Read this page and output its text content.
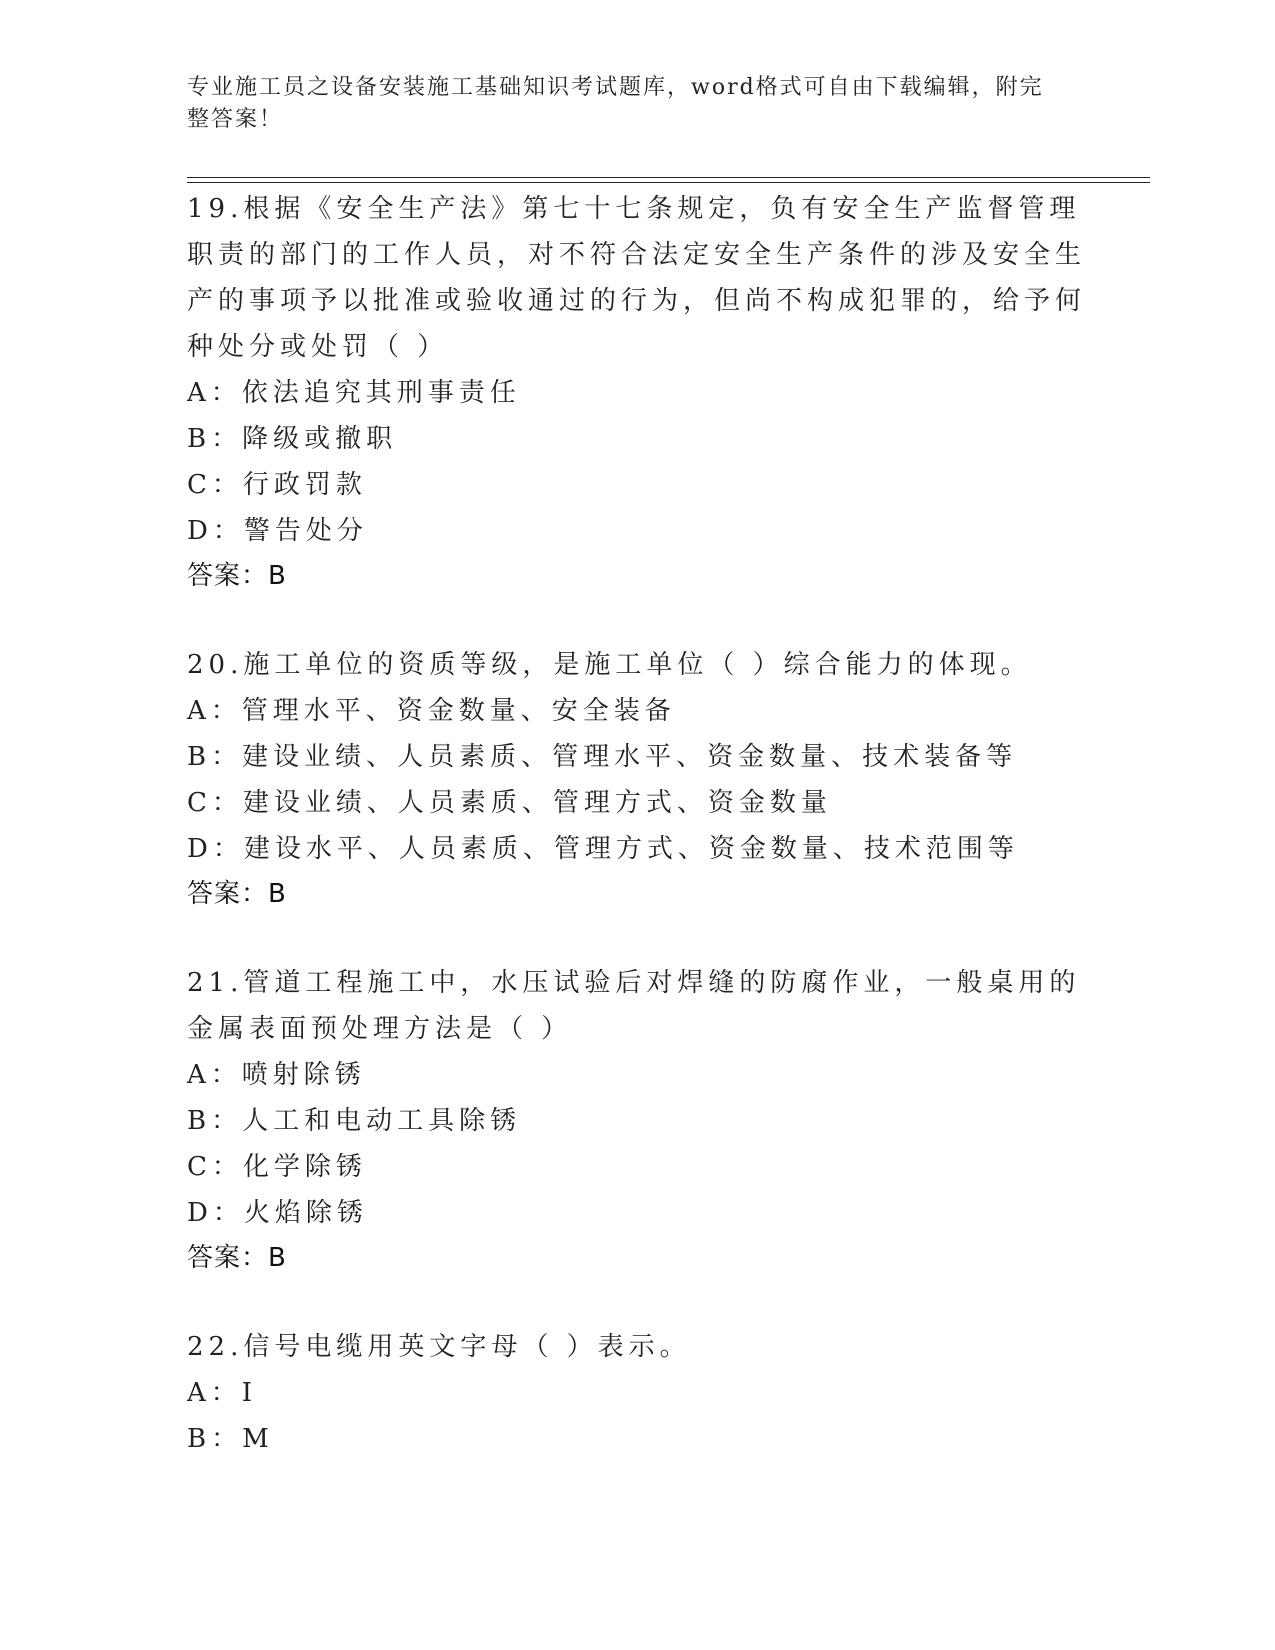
专业施工员之设备安装施工基础知识考试题库，word格式可自由下载编辑，附完整答案！
19.根据《安全生产法》第七十七条规定，负有安全生产监督管理职责的部门的工作人员，对不符合法定安全生产条件的涉及安全生产的事项予以批准或验收通过的行为，但尚不构成犯罪的，给予何种处分或处罚（ ）
A：依法追究其刑事责任
B：降级或撤职
C：行政罚款
D：警告处分
答案：B
20.施工单位的资质等级，是施工单位（ ）综合能力的体现。
A：管理水平、资金数量、安全装备
B：建设业绩、人员素质、管理水平、资金数量、技术装备等
C：建设业绩、人员素质、管理方式、资金数量
D：建设水平、人员素质、管理方式、资金数量、技术范围等
答案：B
21.管道工程施工中，水压试验后对焊缝的防腐作业，一般桌用的金属表面预处理方法是（ ）
A：喷射除锈
B：人工和电动工具除锈
C：化学除锈
D：火焰除锈
答案：B
22.信号电缆用英文字母（ ）表示。
A：I
B：M
